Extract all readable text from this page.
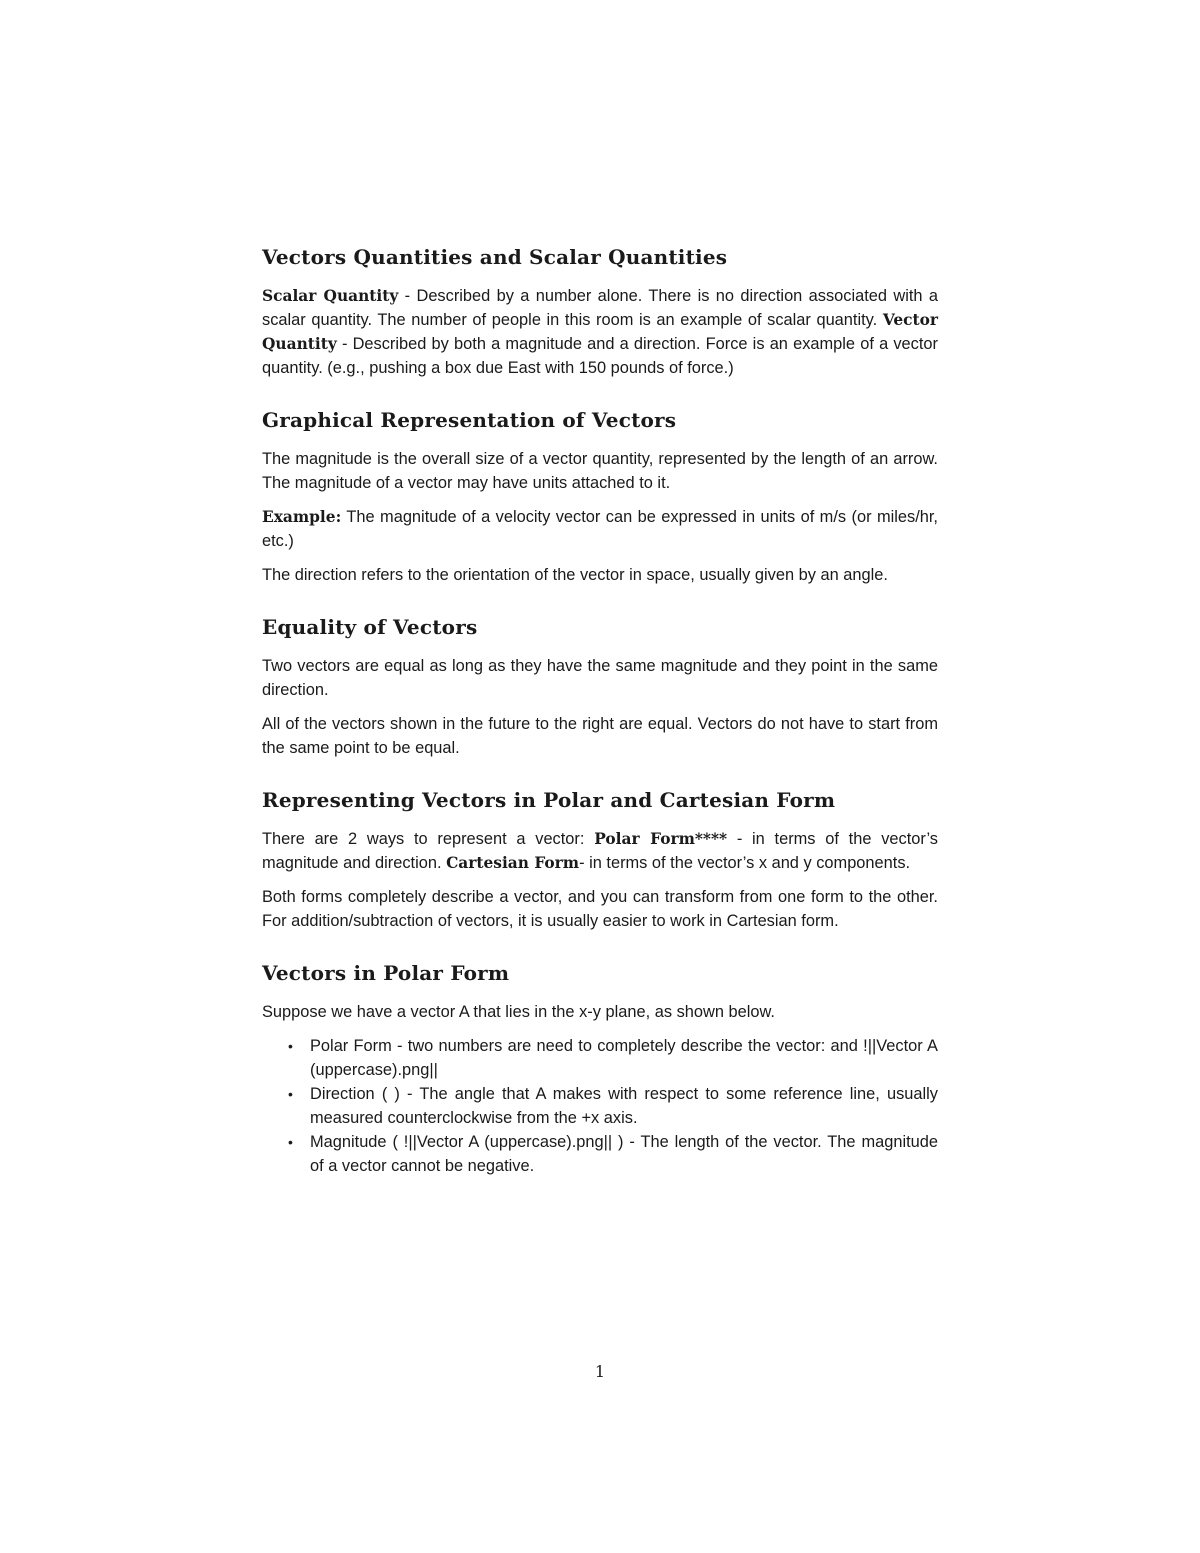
Vectors Quantities and Scalar Quantities

Scalar Quantity - Described by a number alone. There is no direction associated with a scalar quantity. The number of people in this room is an example of scalar quantity. Vector Quantity - Described by both a magnitude and a direction. Force is an example of a vector quantity. (e.g., pushing a box due East with 150 pounds of force.)

Graphical Representation of Vectors

The magnitude is the overall size of a vector quantity, represented by the length of an arrow. The magnitude of a vector may have units attached to it.

Example: The magnitude of a velocity vector can be expressed in units of m/s (or miles/hr, etc.)

The direction refers to the orientation of the vector in space, usually given by an angle.

Equality of Vectors

Two vectors are equal as long as they have the same magnitude and they point in the same direction.

All of the vectors shown in the future to the right are equal. Vectors do not have to start from the same point to be equal.

Representing Vectors in Polar and Cartesian Form

There are 2 ways to represent a vector: Polar Form**** - in terms of the vector’s magnitude and direction. Cartesian Form- in terms of the vector’s x and y components.

Both forms completely describe a vector, and you can transform from one form to the other. For addition/subtraction of vectors, it is usually easier to work in Cartesian form.

Vectors in Polar Form

Suppose we have a vector A that lies in the x-y plane, as shown below.

• Polar Form - two numbers are need to completely describe the vector: and !||Vector A (uppercase).png||
• Direction ( ) - The angle that A makes with respect to some reference line, usually measured counterclockwise from the +x axis.
• Magnitude ( !||Vector A (uppercase).png|| ) - The length of the vector. The magnitude of a vector cannot be negative.
1
